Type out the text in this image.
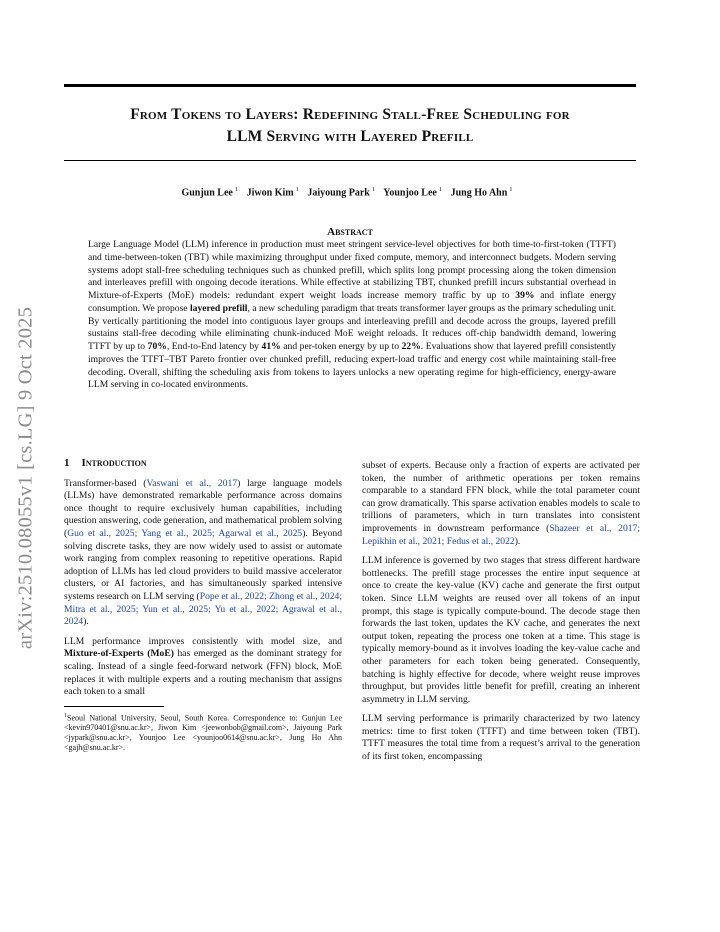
From Tokens to Layers: Redefining Stall-Free Scheduling for
LLM Serving with Layered Prefill
Gunjun Lee $^1$ Jiwon Kim $^1$ Jaiyoung Park $^1$ Younjoo Lee $^1$ Jung Ho Ahn $^1$
arXiv:2510.08055v1 [cs.LG] 9 Oct 2025
Abstract
Large Language Model (LLM) inference in production must meet stringent service-level objectives for both time-to-first-token (TTFT) and time-between-token (TBT) while maximizing throughput under fixed compute, memory, and interconnect budgets. Modern serving systems adopt stall-free scheduling techniques such as chunked prefill, which splits long prompt processing along the token dimension and interleaves prefill with ongoing decode iterations. While effective at stabilizing TBT, chunked prefill incurs substantial overhead in Mixture-of-Experts (MoE) models: redundant expert weight loads increase memory traffic by up to 39% and inflate energy consumption. We propose layered prefill, a new scheduling paradigm that treats transformer layer groups as the primary scheduling unit. By vertically partitioning the model into contiguous layer groups and interleaving prefill and decode across the groups, layered prefill sustains stall-free decoding while eliminating chunk-induced MoE weight reloads. It reduces off-chip bandwidth demand, lowering TTFT by up to 70%, End-to-End latency by 41% and per-token energy by up to 22%. Evaluations show that layered prefill consistently improves the TTFT–TBT Pareto frontier over chunked prefill, reducing expert-load traffic and energy cost while maintaining stall-free decoding. Overall, shifting the scheduling axis from tokens to layers unlocks a new operating regime for high-efficiency, energy-aware LLM serving in co-located environments.
1 Introduction

Transformer-based (Vaswani et al., 2017) large language models (LLMs) have demonstrated remarkable performance across domains once thought to require exclusively human capabilities, including question answering, code generation, and mathematical problem solving (Guo et al., 2025; Yang et al., 2025; Agarwal et al., 2025). Beyond solving discrete tasks, they are now widely used to assist or automate work ranging from complex reasoning to repetitive operations. Rapid adoption of LLMs has led cloud providers to build massive accelerator clusters, or AI factories, and has simultaneously sparked intensive systems research on LLM serving (Pope et al., 2022; Zhong et al., 2024; Mitra et al., 2025; Yun et al., 2025; Yu et al., 2022; Agrawal et al., 2024).

LLM performance improves consistently with model size, and Mixture-of-Experts (MoE) has emerged as the dominant strategy for scaling. Instead of a single feed-forward network (FFN) block, MoE replaces it with multiple experts and a routing mechanism that assigns each token to a small

$^1$Seoul National University, Seoul, South Korea. Correspondence to: Gunjun Lee <kevin970401@snu.ac.kr>, Jiwon Kim <jeewonbob@gmail.com>, Jaiyoung Park <jypark@snu.ac.kr>, Younjoo Lee <younjoo0614@snu.ac.kr>, Jung Ho Ahn <gajh@snu.ac.kr>.

subset of experts. Because only a fraction of experts are activated per token, the number of arithmetic operations per token remains comparable to a standard FFN block, while the total parameter count can grow dramatically. This sparse activation enables models to scale to trillions of parameters, which in turn translates into consistent improvements in downstream performance (Shazeer et al., 2017; Lepikhin et al., 2021; Fedus et al., 2022).

LLM inference is governed by two stages that stress different hardware bottlenecks. The prefill stage processes the entire input sequence at once to create the key-value (KV) cache and generate the first output token. Since LLM weights are reused over all tokens of an input prompt, this stage is typically compute-bound. The decode stage then forwards the last token, updates the KV cache, and generates the next output token, repeating the process one token at a time. This stage is typically memory-bound as it involves loading the key-value cache and other parameters for each token being generated. Consequently, batching is highly effective for decode, where weight reuse improves throughput, but provides little benefit for prefill, creating an inherent asymmetry in LLM serving.

LLM serving performance is primarily characterized by two latency metrics: time to first token (TTFT) and time between token (TBT). TTFT measures the total time from a request’s arrival to the generation of its first token, encompassing
